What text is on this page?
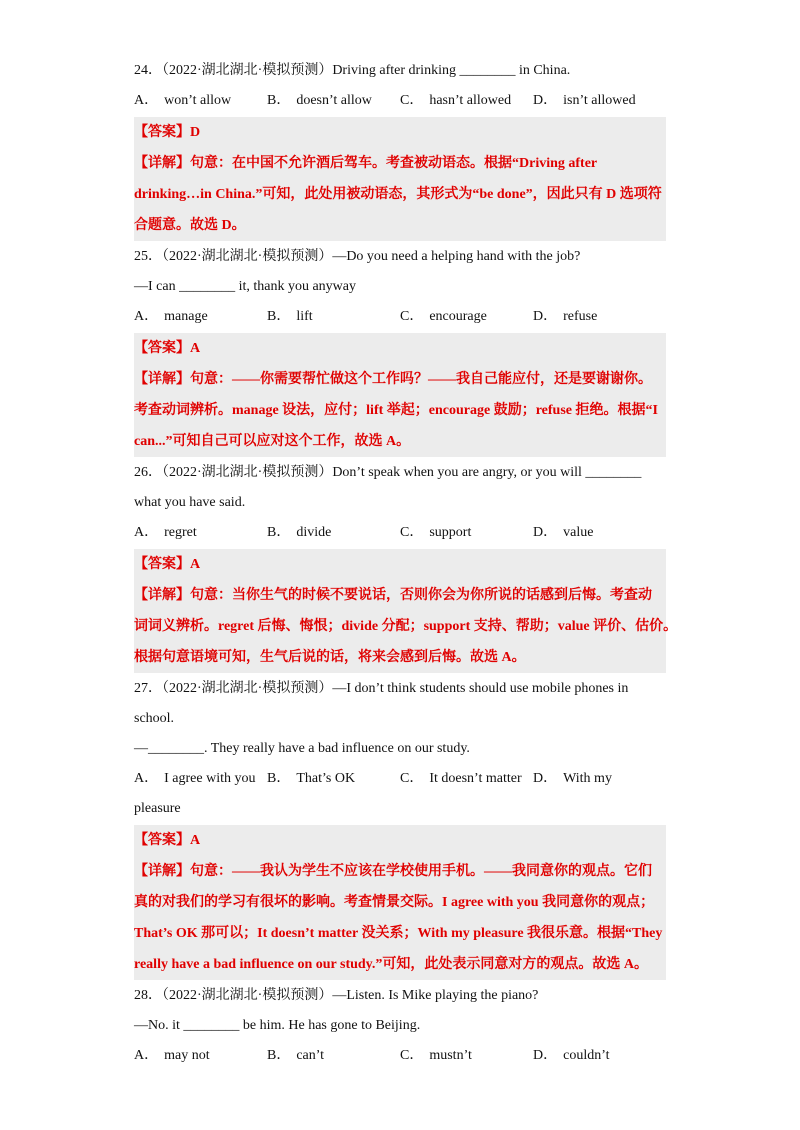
24．（2022·湖北湖北·模拟预测）Driving after drinking ________ in China.
A． won’t allow	B． doesn’t allow	C． hasn’t allowed	D． isn’t allowed
【答案】D
【详解】句意：在中国不允许酒后驾车。考查被动语态。根据“Driving after
drinking…in China.”可知，此处用被动语态，其形式为“be done”，因此只有 D 选项符
合题意。故选 D。
25．（2022·湖北湖北·模拟预测）—Do you need a helping hand with the job?
—I can ________ it, thank you anyway
A． manage	B． lift	C． encourage	D． refuse
【答案】A
【详解】句意：——你需要帮忙做这个工作吗？——我自己能应付，还是要谢谢你。
考查动词辨析。manage 设法，应付；lift 举起；encourage 鼓励；refuse 拒绝。根据“I
can...”可知自己可以应对这个工作，故选 A。
26．（2022·湖北湖北·模拟预测）Don’t speak when you are angry, or you will ________
what you have said.
A． regret	B． divide	C． support	D． value
【答案】A
【详解】句意：当你生气的时候不要说话，否则你会为你所说的话感到后悔。考查动
词词义辨析。regret 后悔、悔恨；divide 分配；support 支持、帮助；value 评价、估价。
根据句意语境可知，生气后说的话，将来会感到后悔。故选 A。
27．（2022·湖北湖北·模拟预测）—I don’t think students should use mobile phones in
school.
—________. They really have a bad influence on our study.
A． I agree with you B． That’s OK	C． It doesn’t matter D． With my
pleasure
【答案】A
【详解】句意：——我认为学生不应该在学校使用手机。——我同意你的观点。它们
真的对我们的学习有很坏的影响。考查情景交际。I agree with you 我同意你的观点；
That’s OK 那可以；It doesn’t matter 没关系；With my pleasure 我很乐意。根据“They
really have a bad influence on our study.”可知，此处表示同意对方的观点。故选 A。
28．（2022·湖北湖北·模拟预测）—Listen. Is Mike playing the piano?
—No. it ________ be him. He has gone to Beijing.
A． may not	B． can’t	C． mustn’t	D． couldn’t
